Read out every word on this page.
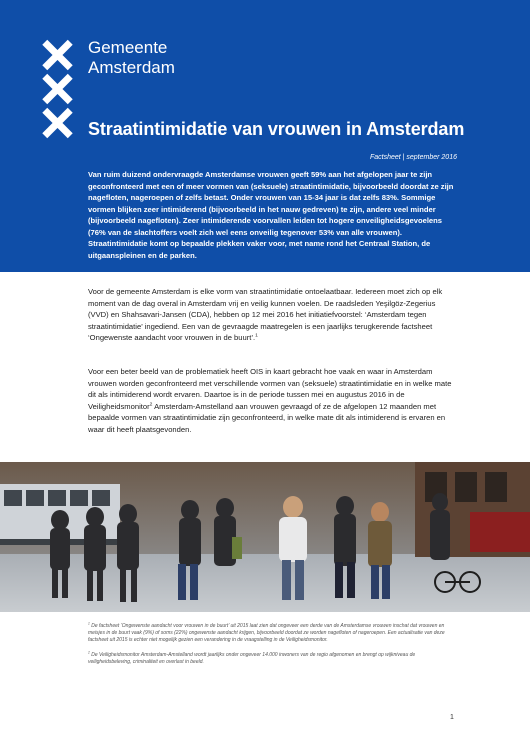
Gemeente
Amsterdam
Straatintimidatie van vrouwen in Amsterdam
Factsheet | september 2016
Van ruim duizend ondervraagde Amsterdamse vrouwen geeft 59% aan het afgelopen jaar te zijn geconfronteerd met een of meer vormen van (seksuele) straatintimidatie, bijvoorbeeld doordat ze zijn nagefloten, nageroepen of zelfs betast. Onder vrouwen van 15-34 jaar is dat zelfs 83%. Sommige vormen blijken zeer intimiderend (bijvoorbeeld in het nauw gedreven) te zijn, andere veel minder (bijvoorbeeld nagefloten). Zeer intimiderende voorvallen leiden tot hogere onveiligheidsgevoelens (76% van de slachtoffers voelt zich wel eens onveilig tegenover 53% van alle vrouwen). Straatintimidatie komt op bepaalde plekken vaker voor, met name rond het Centraal Station, de uitgaanspleinen en de parken.
Voor de gemeente Amsterdam is elke vorm van straatintimidatie ontoelaatbaar. Iedereen moet zich op elk moment van de dag overal in Amsterdam vrij en veilig kunnen voelen. De raadsleden Yeşilgöz-Zegerius (VVD) en Shahsavari-Jansen (CDA), hebben op 12 mei 2016 het initiatiefvoorstel: ‘Amsterdam tegen straatintimidatie’ ingediend. Een van de gevraagde maatregelen is een jaarlijks terugkerende factsheet ‘Ongewenste aandacht voor vrouwen in de buurt’.$^1$
Voor een beter beeld van de problematiek heeft OIS in kaart gebracht hoe vaak en waar in Amsterdam vrouwen worden geconfronteerd met verschillende vormen van (seksuele) straatintimidatie en in welke mate dit als intimiderend wordt ervaren. Daartoe is in de periode tussen mei en augustus 2016 in de Veiligheidsmonitor$^2$ Amsterdam-Amstelland aan vrouwen gevraagd of ze de afgelopen 12 maanden met bepaalde vormen van straatintimidatie zijn geconfronteerd, in welke mate dit als intimiderend is ervaren en waar dit heeft plaatsgevonden.

$^1$ De factsheet ‘Ongewenste aandacht voor vrouwen in de buurt’ uit 2015 laat zien dat ongeveer een derde van de Amsterdamse vrouwen inschat dat vrouwen en meisjes in de buurt vaak (9%) of soms (22%) ongewenste aandacht krijgen, bijvoorbeeld doordat ze worden nagefloten of nageroepen. Een actualisatie van deze factsheet uit 2015 is echter niet mogelijk gezien een verandering in de vraagstelling in de Veiligheidsmonitor.

$^2$ De Veiligheidsmonitor Amsterdam-Amstelland wordt jaarlijks onder ongeveer 14.000 inwoners van de regio afgenomen en brengt op wijkniveau de veiligheidsbeleving, criminaliteit en overlast in beeld.

1
